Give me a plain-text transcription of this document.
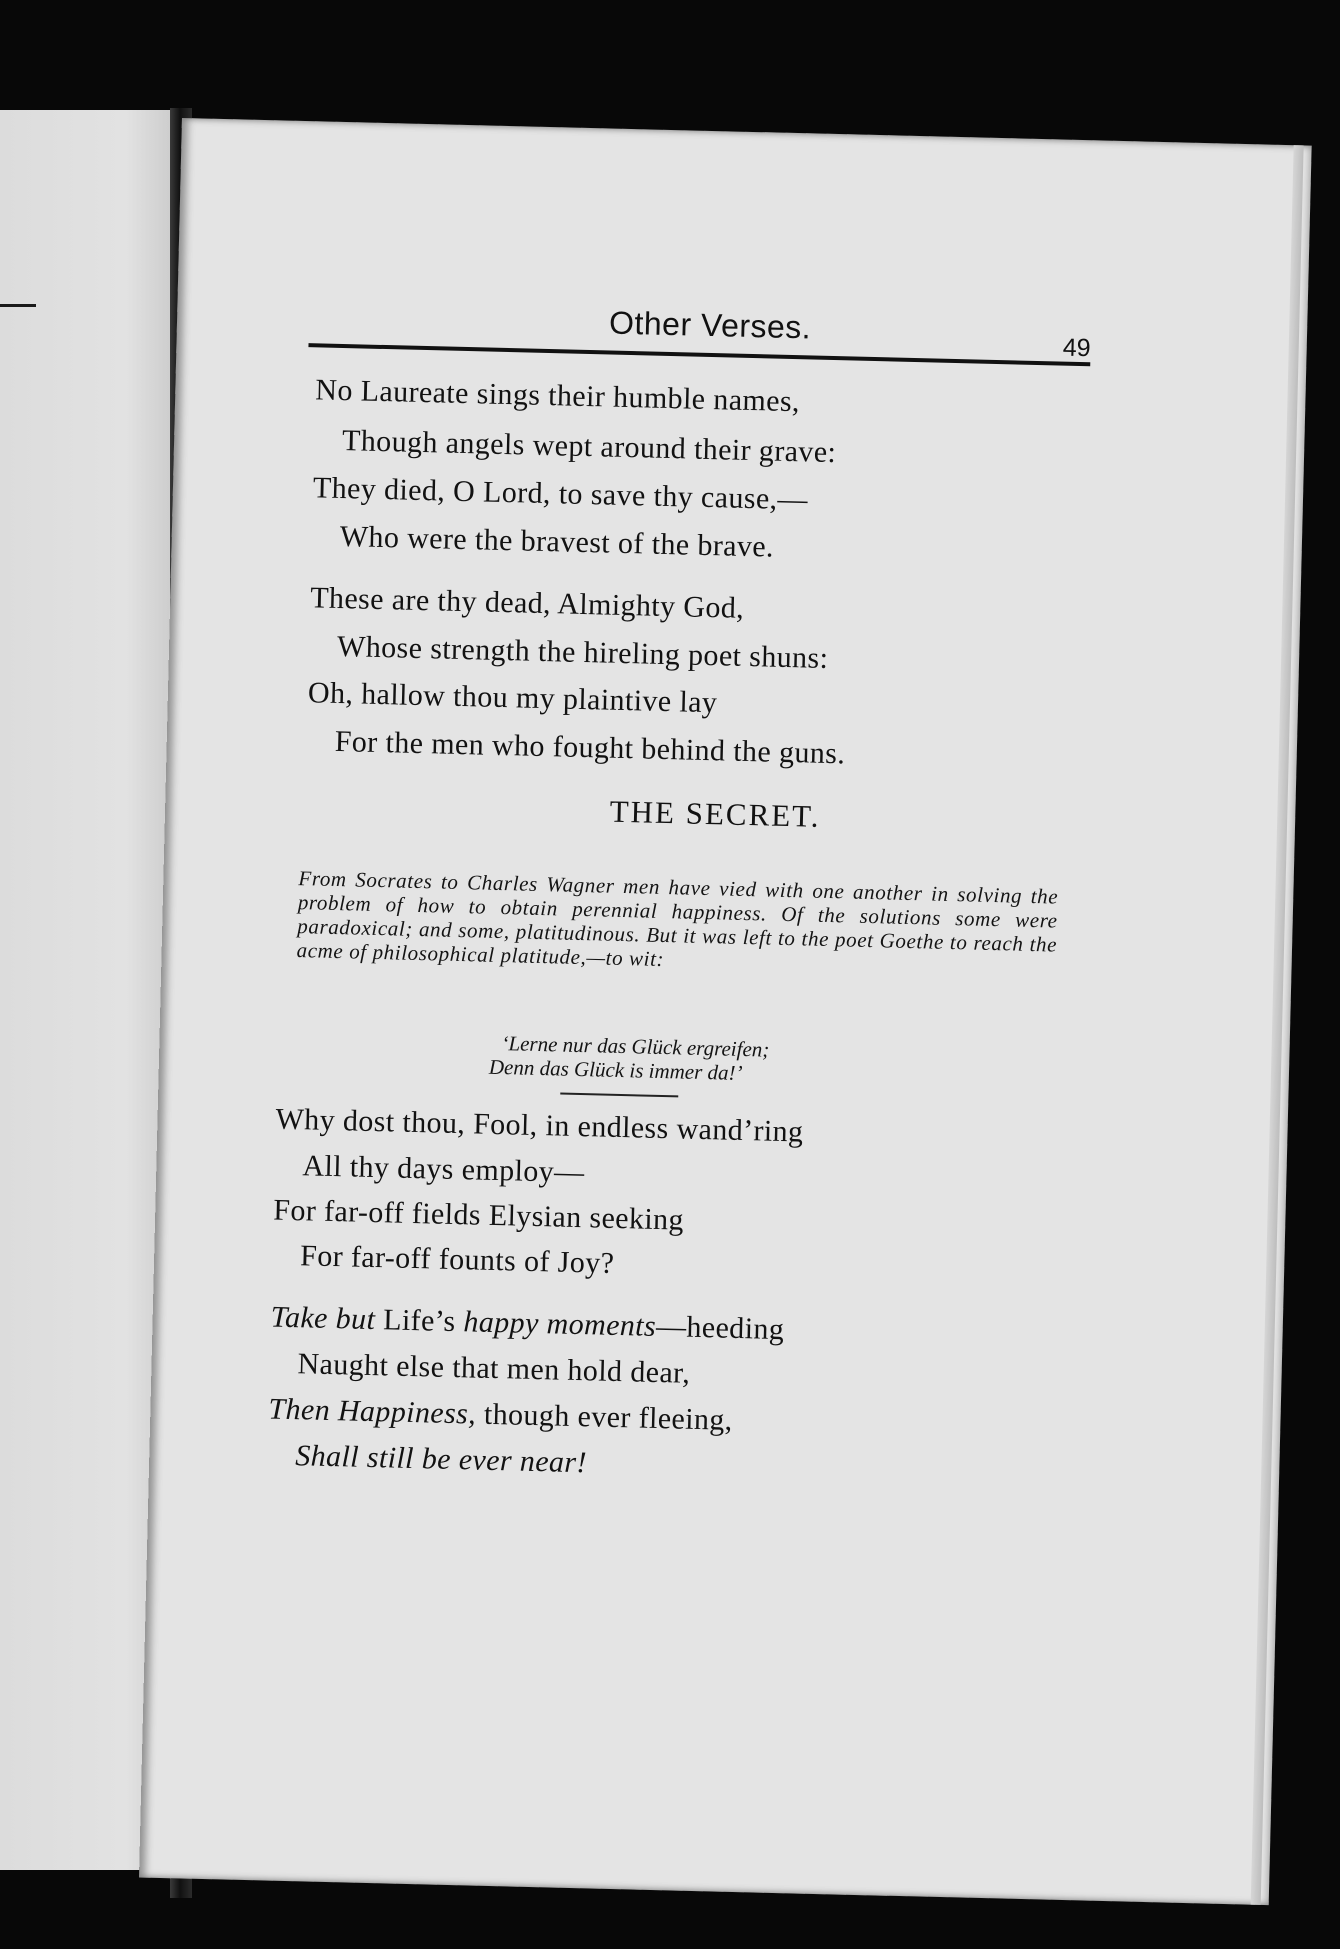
Other Verses.
49
No Laureate sings their humble names,
Though angels wept around their grave:
They died, O Lord, to save thy cause,—
Who were the bravest of the brave.
These are thy dead, Almighty God,
Whose strength the hireling poet shuns:
Oh, hallow thou my plaintive lay
For the men who fought behind the guns.
THE SECRET.
From Socrates to Charles Wagner men have vied with one another in solving the problem of how to obtain perennial happiness. Of the solutions some were paradoxical; and some, platitudinous. But it was left to the poet Goethe to reach the acme of philosophical platitude,—to wit:
‘Lerne nur das Glück ergreifen;
Denn das Glück is immer da!’
Why dost thou, Fool, in endless wand’ring
All thy days employ—
For far-off fields Elysian seeking
For far-off founts of Joy?
Take but Life’s happy moments—heeding
Naught else that men hold dear,
Then Happiness, though ever fleeing,
Shall still be ever near!
